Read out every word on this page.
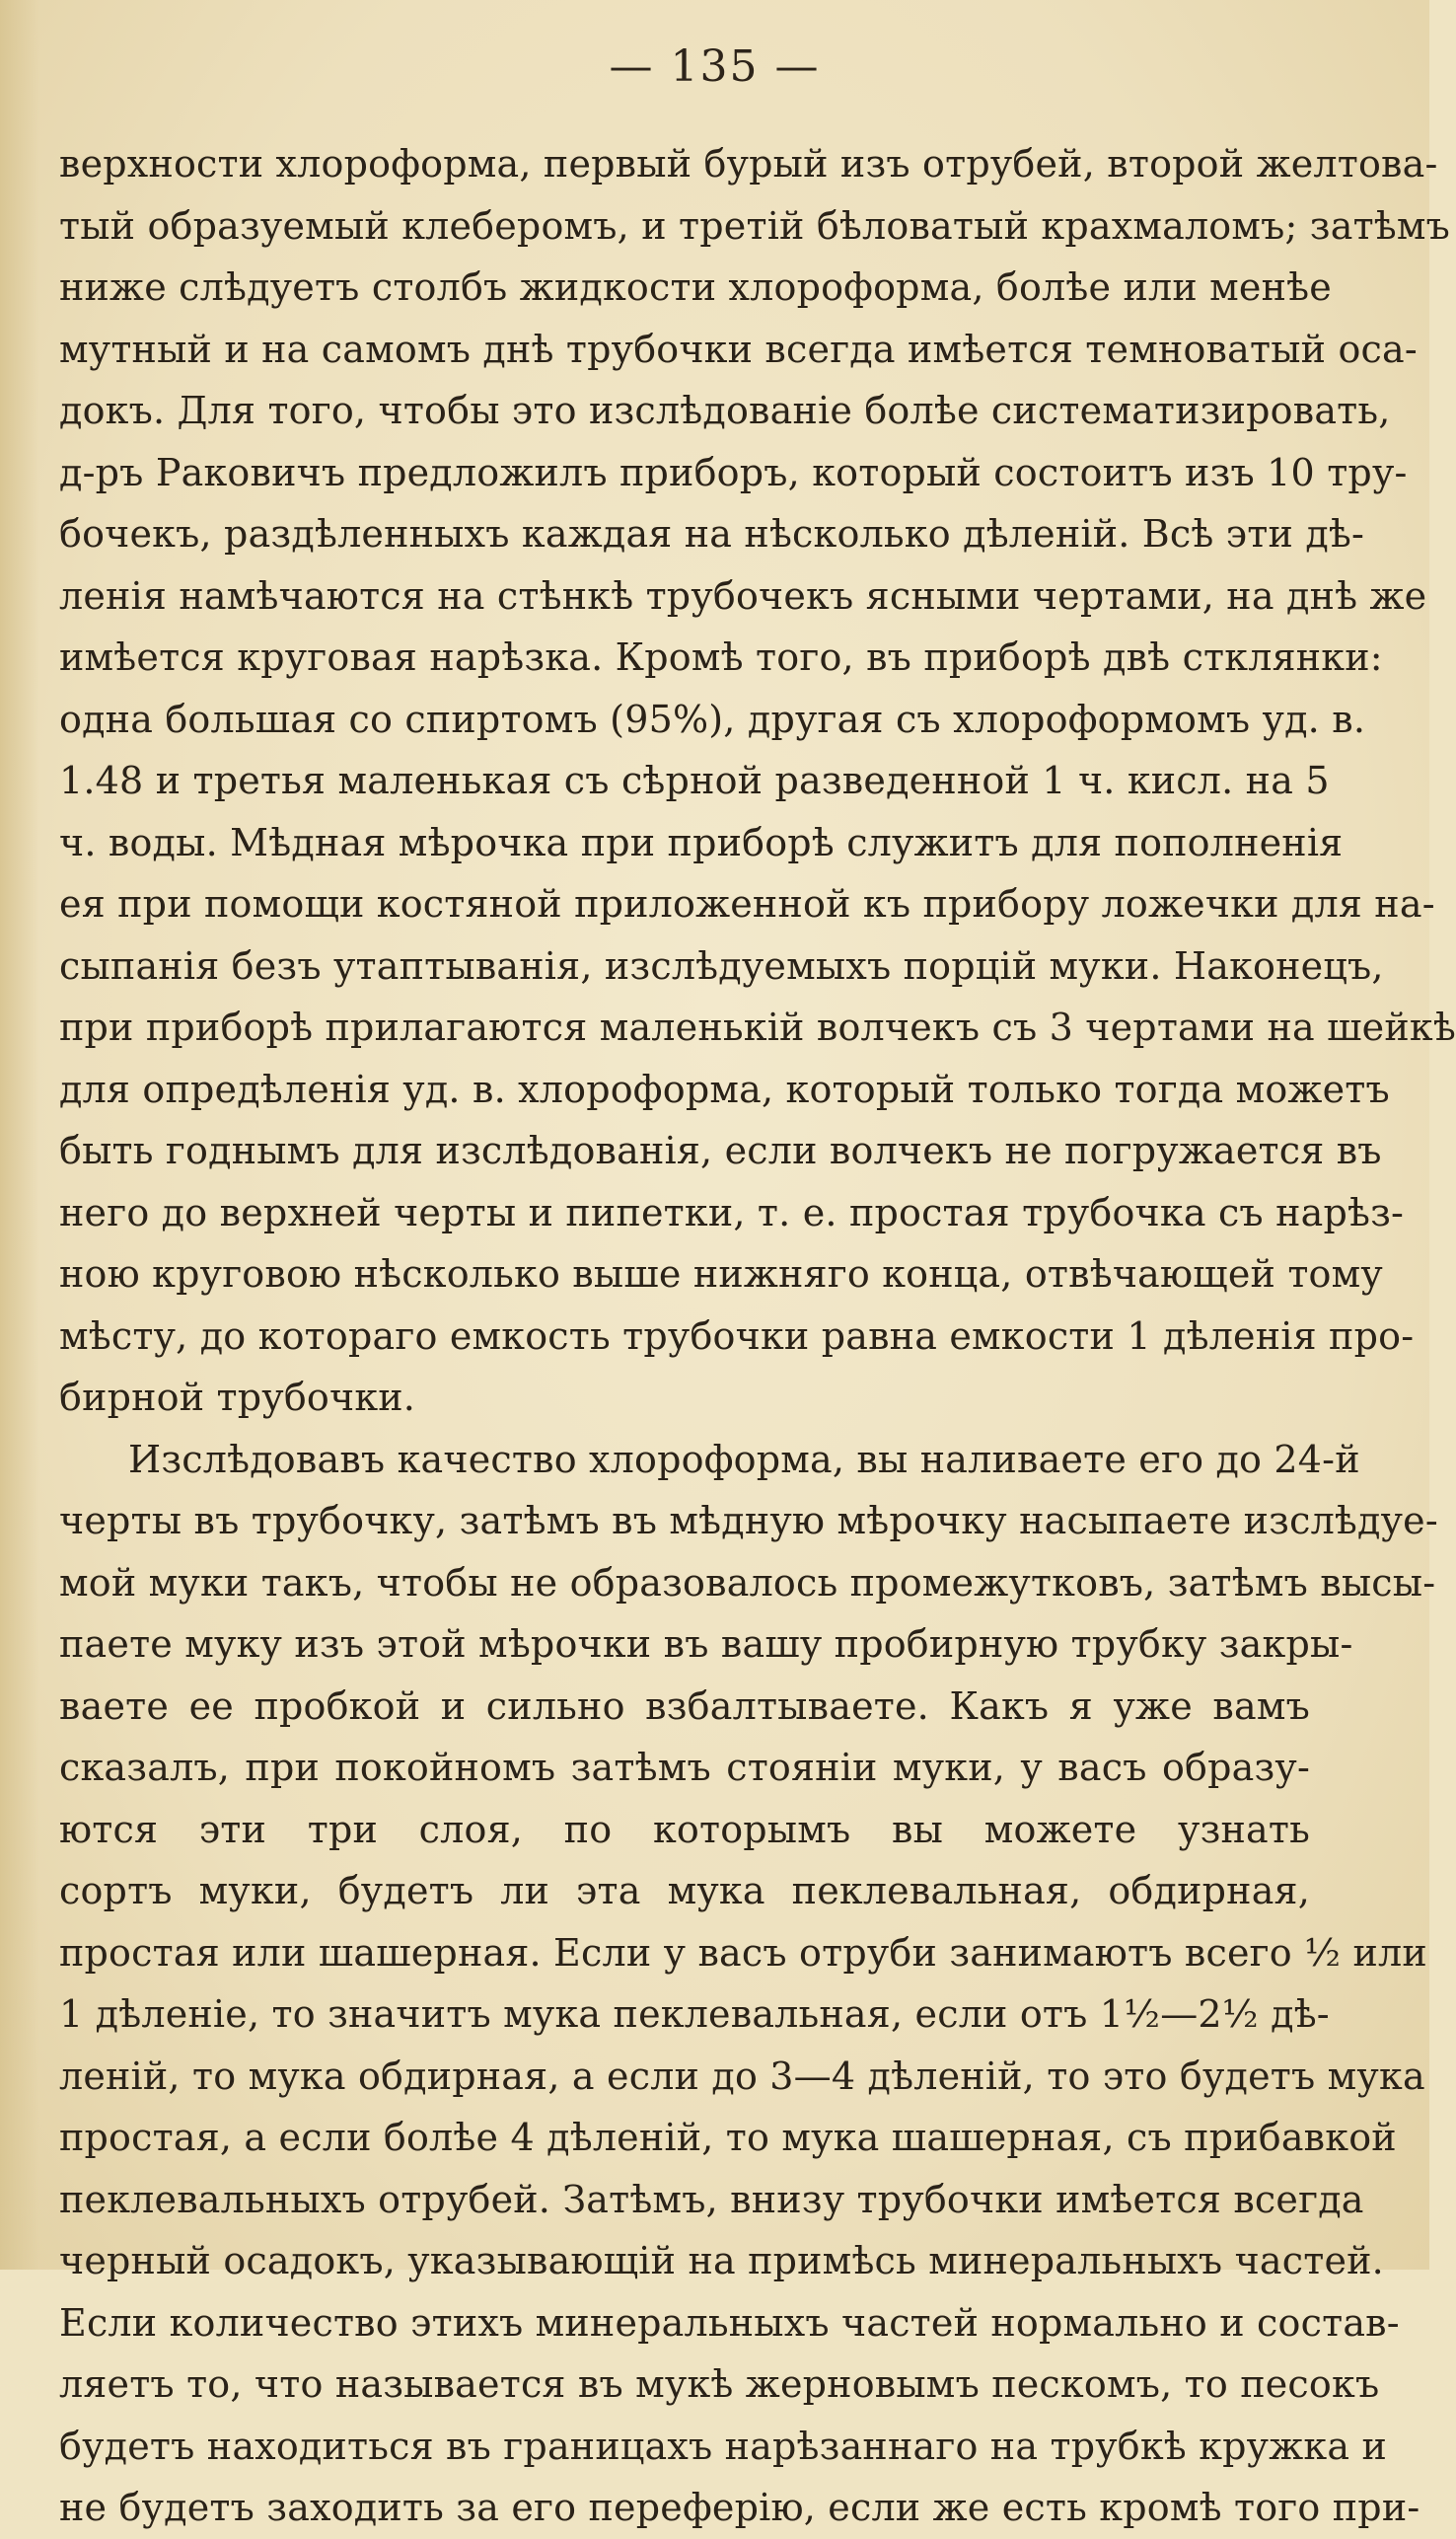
— 135 —
верхности хлороформа, первый бурый изъ отрубей, второй желтова-
тый образуемый клеберомъ, и третій бѣловатый крахмаломъ; затѣмъ
ниже слѣдуетъ столбъ жидкости хлороформа, болѣе или менѣе
мутный и на самомъ днѣ трубочки всегда имѣется темноватый оса-
докъ. Для того, чтобы это изслѣдованіе болѣе систематизировать,
д-ръ Раковичъ предложилъ приборъ, который состоитъ изъ 10 тру-
бочекъ, раздѣленныхъ каждая на нѣсколько дѣленій. Всѣ эти дѣ-
ленія намѣчаются на стѣнкѣ трубочекъ ясными чертами, на днѣ же
имѣется круговая нарѣзка. Кромѣ того, въ приборѣ двѣ стклянки:
одна большая со спиртомъ (95%), другая съ хлороформомъ уд. в.
1.48 и третья маленькая съ сѣрной разведенной 1 ч. кисл. на 5
ч. воды. Мѣдная мѣрочка при приборѣ служитъ для пополненія
ея при помощи костяной приложенной къ прибору ложечки для на-
сыпанія безъ утаптыванія, изслѣдуемыхъ порцій муки. Наконецъ,
при приборѣ прилагаются маленькій волчекъ съ 3 чертами на шейкѣ
для опредѣленія уд. в. хлороформа, который только тогда можетъ
быть годнымъ для изслѣдованія, если волчекъ не погружается въ
него до верхней черты и пипетки, т. е. простая трубочка съ нарѣз-
ною круговою нѣсколько выше нижняго конца, отвѣчающей тому
мѣсту, до котораго емкость трубочки равна емкости 1 дѣленія про-
бирной трубочки.
Изслѣдовавъ качество хлороформа, вы наливаете его до 24-й
черты въ трубочку, затѣмъ въ мѣдную мѣрочку насыпаете изслѣдуе-
мой муки такъ, чтобы не образовалось промежутковъ, затѣмъ высы-
паете муку изъ этой мѣрочки въ вашу пробирную трубку закры-
ваете ее пробкой и сильно взбалтываете. Какъ я уже вамъ
сказалъ, при покойномъ затѣмъ стояніи муки, у васъ образу-
ются эти три слоя, по которымъ вы можете узнать
сортъ муки, будетъ ли эта мука пеклевальная, обдирная,
простая или шашерная. Если у васъ отруби занимаютъ всего ½ или
1 дѣленіе, то значитъ мука пеклевальная, если отъ 1½—2½ дѣ-
леній, то мука обдирная, а если до 3—4 дѣленій, то это будетъ мука
простая, а если болѣе 4 дѣленій, то мука шашерная, съ прибавкой
пеклевальныхъ отрубей. Затѣмъ, внизу трубочки имѣется всегда
черный осадокъ, указывающій на примѣсь минеральныхъ частей.
Если количество этихъ минеральныхъ частей нормально и состав-
ляетъ то, что называется въ мукѣ жерновымъ пескомъ, то песокъ
будетъ находиться въ границахъ нарѣзаннаго на трубкѣ кружка и
не будетъ заходить за его переферію, если же есть кромѣ того при-
